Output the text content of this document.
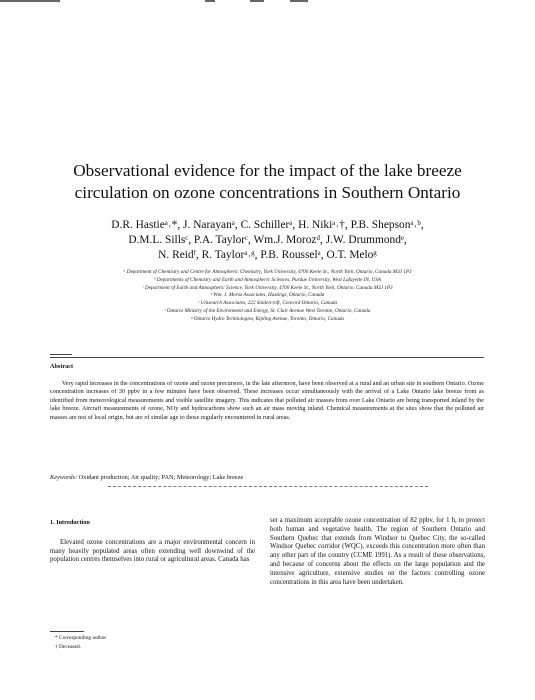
Observational evidence for the impact of the lake breeze
circulation on ozone concentrations in Southern Ontario
D.R. Hastieᵃ˒*, J. Narayanᵃ, C. Schillerᵃ, H. Nikiᵃ˒†, P.B. Shepsonᵃ˒ᵇ,
D.M.L. Sillsᶜ, P.A. Taylorᶜ, Wm.J. Morozᵈ, J.W. Drummondᵉ,
N. Reidᶠ, R. Taylorᵃ˒ᵍ, P.B. Rousselᵃ, O.T. Meloᵍ
ᵃ Department of Chemistry and Centre for Atmospheric Chemistry, York University, 4700 Keele St., North York, Ontario, Canada M3J 1P3
ᵇ Departments of Chemistry and Earth and Atmospheric Sciences, Purdue University, West Lafayette IN, USA
ᶜ Department of Earth and Atmospheric Science, York University, 4700 Keele St., North York, Ontario, Canada M3J 1P3
ᵈ Wm. J. Moroz Associates, Hastings, Ontario, Canada
ᵉ Unisearch Associates, 222 Snidercroft, Concord Ontario, Canada
ᶠ Ontario Ministry of the Environment and Energy, St. Clair Avenue West Toronto, Ontario, Canada
ᵍ Ontario Hydro Technologies, Kipling Avenue, Toronto, Ontario, Canada
Abstract

Very rapid increases in the concentrations of ozone and ozone precursors, in the late afternoon, have been observed at a rural and an urban site in southern Ontario. Ozone concentration increases of 30 ppbv in a few minutes have been observed. These increases occur simultaneously with the arrival of a Lake Ontario lake breeze front as identified from meteorological measurements and visible satellite imagery. This indicates that polluted air masses from over Lake Ontario are being transported inland by the lake breeze. Aircraft measurements of ozone, NOy and hydrocarbons show such an air mass moving inland. Chemical measurements at the sites show that the polluted air masses are not of local origin, but are of similar age to those regularly encountered in rural areas.

Keywords: Oxidant production; Air quality; PAN; Meteorology; Lake breeze

1. Introduction

Elevated ozone concentrations are a major environmental concern in many heavily populated areas often extending well downwind of the population centres themselves into rural or agricultural areas. Canada has

set a maximum acceptable ozone concentration of 82 ppbv, for 1 h, to protect both human and vegetative health. The region of Southern Ontario and Southern Quebec that extends from Windsor to Quebec City, the so-called Windsor Quebec corridor (WQC), exceeds this concentration more often than any other part of the country (CCME 1991). As a result of these observations, and because of concerns about the effects on the large population and the intensive agriculture, extensive studies on the factors controlling ozone concentrations in this area have been undertaken.

* Corresponding author
† Deceased.
